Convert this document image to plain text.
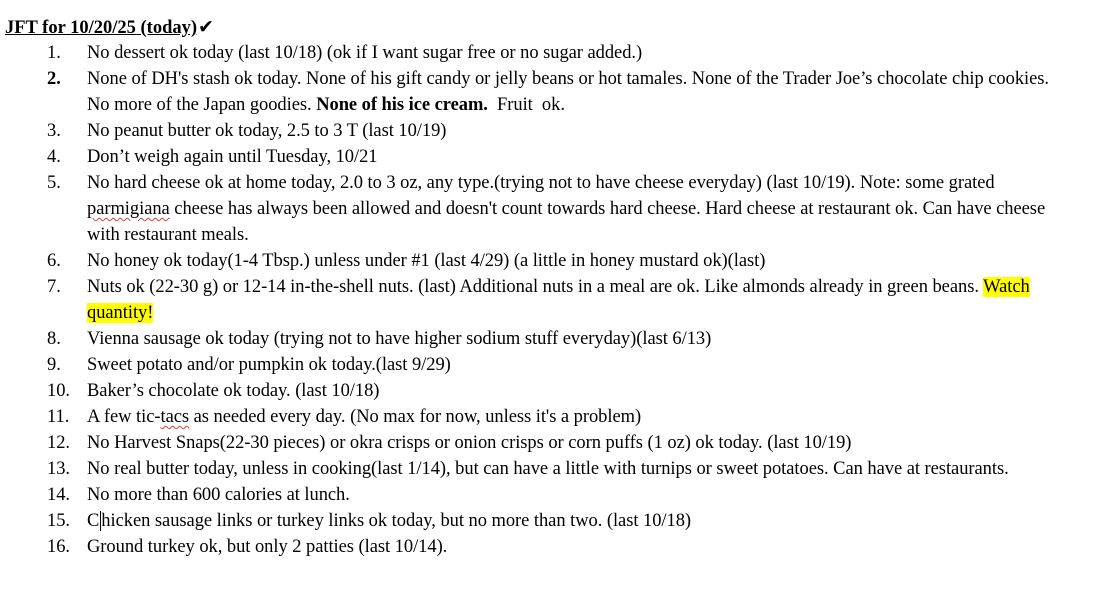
JFT for 10/20/25 (today)✔
1.	No dessert ok today (last 10/18) (ok if I want sugar free or no sugar added.)
2.	None of DH's stash ok today. None of his gift candy or jelly beans or hot tamales. None of the Trader Joe’s chocolate chip cookies. No more of the Japan goodies. None of his ice cream.  Fruit  ok.
3.	No peanut butter ok today, 2.5 to 3 T (last 10/19)
4.	Don’t weigh again until Tuesday, 10/21
5.	No hard cheese ok at home today, 2.0 to 3 oz, any type.(trying not to have cheese everyday) (last 10/19). Note: some grated parmigiana cheese has always been allowed and doesn't count towards hard cheese. Hard cheese at restaurant ok. Can have cheese with restaurant meals.
6.	No honey ok today(1-4 Tbsp.) unless under #1 (last 4/29) (a little in honey mustard ok)(last)
7.	Nuts ok (22-30 g) or 12-14 in-the-shell nuts. (last) Additional nuts in a meal are ok. Like almonds already in green beans. Watch quantity!
8.	Vienna sausage ok today (trying not to have higher sodium stuff everyday)(last 6/13)
9.	Sweet potato and/or pumpkin ok today.(last 9/29)
10. Baker’s chocolate ok today. (last 10/18)
11. A few tic-tacs as needed every day. (No max for now, unless it's a problem)
12. No Harvest Snaps(22-30 pieces) or okra crisps or onion crisps or corn puffs (1 oz) ok today. (last 10/19)
13. No real butter today, unless in cooking(last 1/14), but can have a little with turnips or sweet potatoes. Can have at restaurants.
14. No more than 600 calories at lunch.
15. C hicken sausage links or turkey links ok today, but no more than two. (last 10/18)
16. Ground turkey ok, but only 2 patties (last 10/14).
